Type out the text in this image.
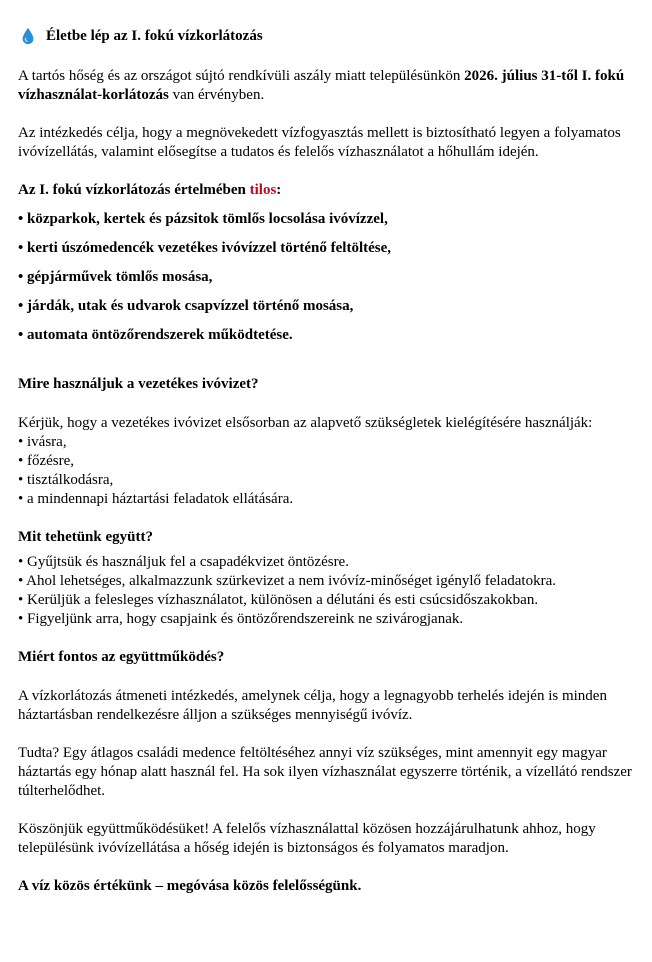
Életbe lép az I. fokú vízkorlátozás

A tartós hőség és az országot sújtó rendkívüli aszály miatt településünkön 2026. július 31-től I. fokú vízhasználat-korlátozás van érvényben.

Az intézkedés célja, hogy a megnövekedett vízfogyasztás mellett is biztosítható legyen a folyamatos ivóvízellátás, valamint elősegítse a tudatos és felelős vízhasználatot a hőhullám idején.

Az I. fokú vízkorlátozás értelmében tilos:

• közparkok, kertek és pázsitok tömlős locsolása ivóvízzel,

• kerti úszómedencék vezetékes ivóvízzel történő feltöltése,

• gépjárművek tömlős mosása,

• járdák, utak és udvarok csapvízzel történő mosása,

• automata öntözőrendszerek működtetése.

Mire használjuk a vezetékes ivóvizet?

Kérjük, hogy a vezetékes ivóvizet elsősorban az alapvető szükségletek kielégítésére használják:

• ivásra,
• főzésre,
• tisztálkodásra,
• a mindennapi háztartási feladatok ellátására.

Mit tehetünk együtt?

• Gyűjtsük és használjuk fel a csapadékvizet öntözésre.
• Ahol lehetséges, alkalmazzunk szürkevizet a nem ivóvíz-minőséget igénylő feladatokra.
• Kerüljük a felesleges vízhasználatot, különösen a délutáni és esti csúcsidőszakokban.
• Figyeljünk arra, hogy csapjaink és öntözőrendszereink ne szivárogjanak.

Miért fontos az együttműködés?

A vízkorlátozás átmeneti intézkedés, amelynek célja, hogy a legnagyobb terhelés idején is minden háztartásban rendelkezésre álljon a szükséges mennyiségű ivóvíz.

Tudta? Egy átlagos családi medence feltöltéséhez annyi víz szükséges, mint amennyit egy magyar háztartás egy hónap alatt használ fel. Ha sok ilyen vízhasználat egyszerre történik, a vízellátó rendszer túlterhelődhet.

Köszönjük együttműködésüket! A felelős vízhasználattal közösen hozzájárulhatunk ahhoz, hogy településünk ivóvízellátása a hőség idején is biztonságos és folyamatos maradjon.

A víz közös értékünk – megóvása közös felelősségünk.
